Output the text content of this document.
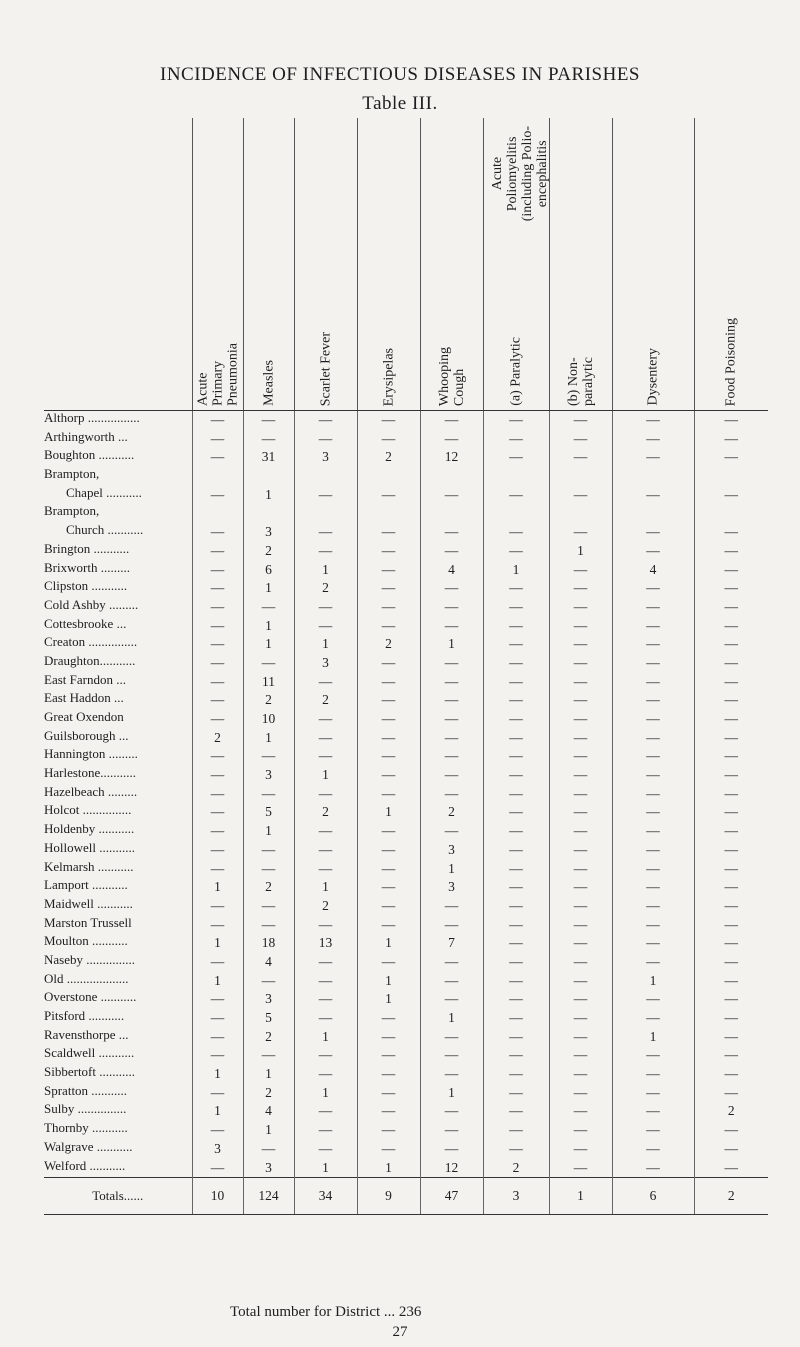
INCIDENCE OF INFECTIOUS DISEASES IN PARISHES
Table III.

	Acute
Primary
Pneumonia	Measles	Scarlet Fever	Erysipelas	Whooping
Cough	Acute
Poliomyelitis
(including Polio-
encephalitis
(a) Paralytic	(b) Non-
paralytic	Dysentery	Food Poisoning

Althorp ................	—	—	—	—	—	—	—	—	—
Arthingworth ...	—	—	—	—	—	—	—	—	—
Boughton ...........	—	31	3	2	12	—	—	—	—
Brampton,									
Chapel ...........	—	1	—	—	—	—	—	—	—
Brampton,									
Church ...........	—	3	—	—	—	—	—	—	—
Brington ...........	—	2	—	—	—	—	1	—	—
Brixworth .........	—	6	1	—	4	1	—	4	—
Clipston ...........	—	1	2	—	—	—	—	—	—
Cold Ashby .........	—	—	—	—	—	—	—	—	—
Cottesbrooke ...	—	1	—	—	—	—	—	—	—
Creaton ...............	—	1	1	2	1	—	—	—	—
Draughton...........	—	—	3	—	—	—	—	—	—
East Farndon ...	—	11	—	—	—	—	—	—	—
East Haddon ...	—	2	2	—	—	—	—	—	—
Great Oxendon	—	10	—	—	—	—	—	—	—
Guilsborough ...	2	1	—	—	—	—	—	—	—
Hannington .........	—	—	—	—	—	—	—	—	—
Harlestone...........	—	3	1	—	—	—	—	—	—
Hazelbeach .........	—	—	—	—	—	—	—	—	—
Holcot ...............	—	5	2	1	2	—	—	—	—
Holdenby ...........	—	1	—	—	—	—	—	—	—
Hollowell ...........	—	—	—	—	3	—	—	—	—
Kelmarsh ...........	—	—	—	—	1	—	—	—	—
Lamport ...........	1	2	1	—	3	—	—	—	—
Maidwell ...........	—	—	2	—	—	—	—	—	—
Marston Trussell	—	—	—	—	—	—	—	—	—
Moulton ...........	1	18	13	1	7	—	—	—	—
Naseby ...............	—	4	—	—	—	—	—	—	—
Old ...................	1	—	—	1	—	—	—	1	—
Overstone ...........	—	3	—	1	—	—	—	—	—
Pitsford ...........	—	5	—	—	1	—	—	—	—
Ravensthorpe ...	—	2	1	—	—	—	—	1	—
Scaldwell ...........	—	—	—	—	—	—	—	—	—
Sibbertoft ...........	1	1	—	—	—	—	—	—	—
Spratton ...........	—	2	1	—	1	—	—	—	—
Sulby ...............	1	4	—	—	—	—	—	—	2
Thornby ...........	—	1	—	—	—	—	—	—	—
Walgrave ...........	3	—	—	—	—	—	—	—	—
Welford ...........	—	3	1	1	12	2	—	—	—
Totals......	10	124	34	9	47	3	1	6	2
Total number for District ... 236
27
